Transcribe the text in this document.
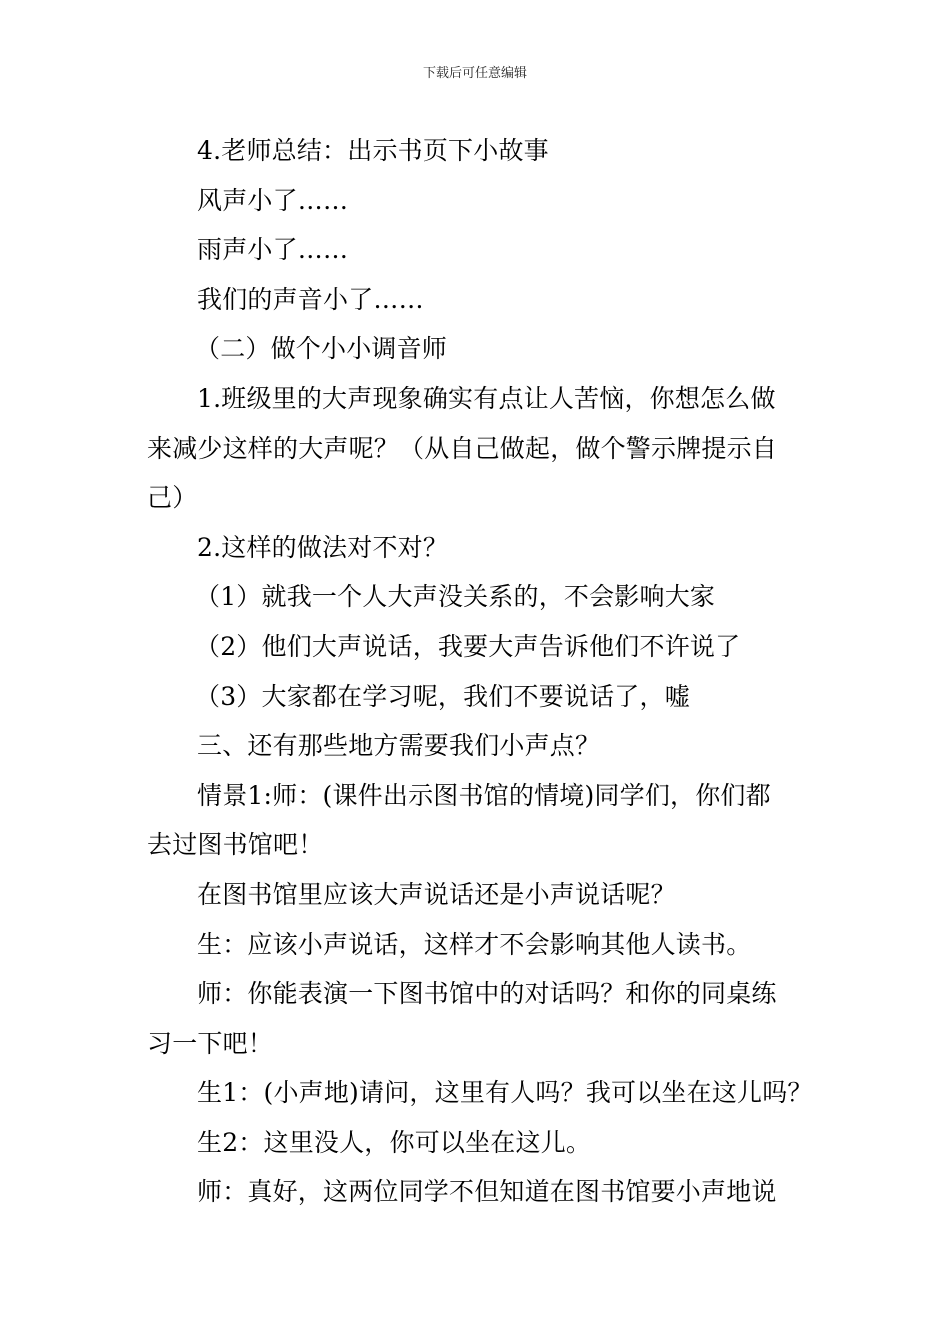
下载后可任意编辑
4.老师总结：出示书页下小故事
风声小了……
雨声小了……
我们的声音小了……
（二）做个小小调音师
1.班级里的大声现象确实有点让人苦恼，你想怎么做
来减少这样的大声呢？（从自己做起，做个警示牌提示自
己）
2.这样的做法对不对？
（1）就我一个人大声没关系的，不会影响大家
（2）他们大声说话，我要大声告诉他们不许说了
（3）大家都在学习呢，我们不要说话了，嘘
三、还有那些地方需要我们小声点？
情景1:师：(课件出示图书馆的情境)同学们，你们都
去过图书馆吧！
在图书馆里应该大声说话还是小声说话呢？
生：应该小声说话，这样才不会影响其他人读书。
师：你能表演一下图书馆中的对话吗？和你的同桌练
习一下吧！
生1：(小声地)请问，这里有人吗？我可以坐在这儿吗？
生2：这里没人，你可以坐在这儿。
师：真好，这两位同学不但知道在图书馆要小声地说
